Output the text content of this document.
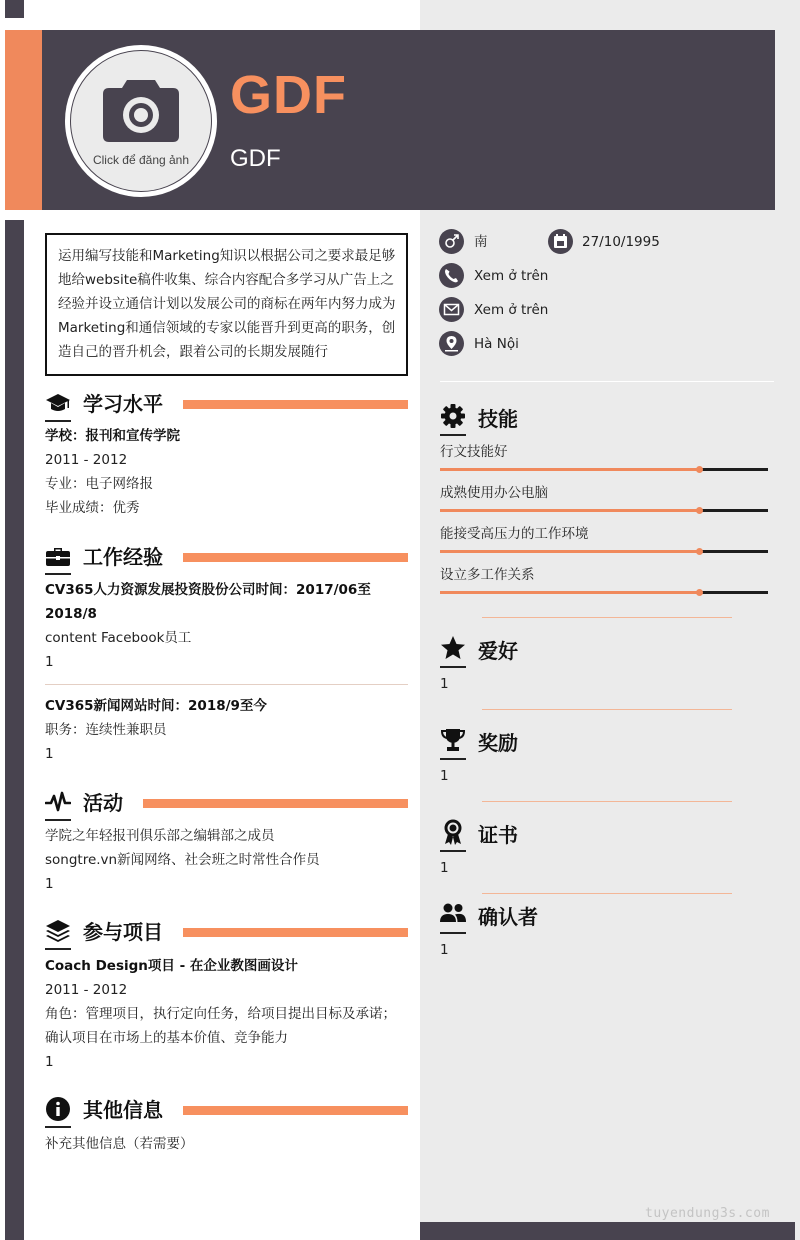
Click để đăng ảnh
GDF
GDF
运用编写技能和Marketing知识以根据公司之要求最足够地给website稿件收集、综合内容配合多学习从广告上之经验并设立通信计划以发展公司的商标在两年内努力成为Marketing和通信领域的专家以能晋升到更高的职务，创造自己的晋升机会，跟着公司的长期发展随行
学习水平
学校：报刊和宣传学院
2011 - 2012
专业：电子网络报
毕业成绩：优秀
工作经验
CV365人力资源发展投资股份公司时间：2017/06至2018/8
content Facebook员工
1
CV365新闻网站时间：2018/9至今
职务：连续性兼职员
1
活动
学院之年轻报刊俱乐部之编辑部之成员
songtre.vn新闻网络、社会班之时常性合作员
1
参与项目
Coach Design项目 - 在企业教图画设计
2011 - 2012
角色：管理项目，执行定向任务，给项目提出目标及承诺；确认项目在市场上的基本价值、竞争能力
1
其他信息
补充其他信息（若需要）
南	27/10/1995
Xem ở trên
Xem ở trên
Hà Nội
技能
行文技能好
成熟使用办公电脑
能接受高压力的工作环境
设立多工作关系
爱好
1
奖励
1
证书
1
确认者
1
tuyendung3s.com
